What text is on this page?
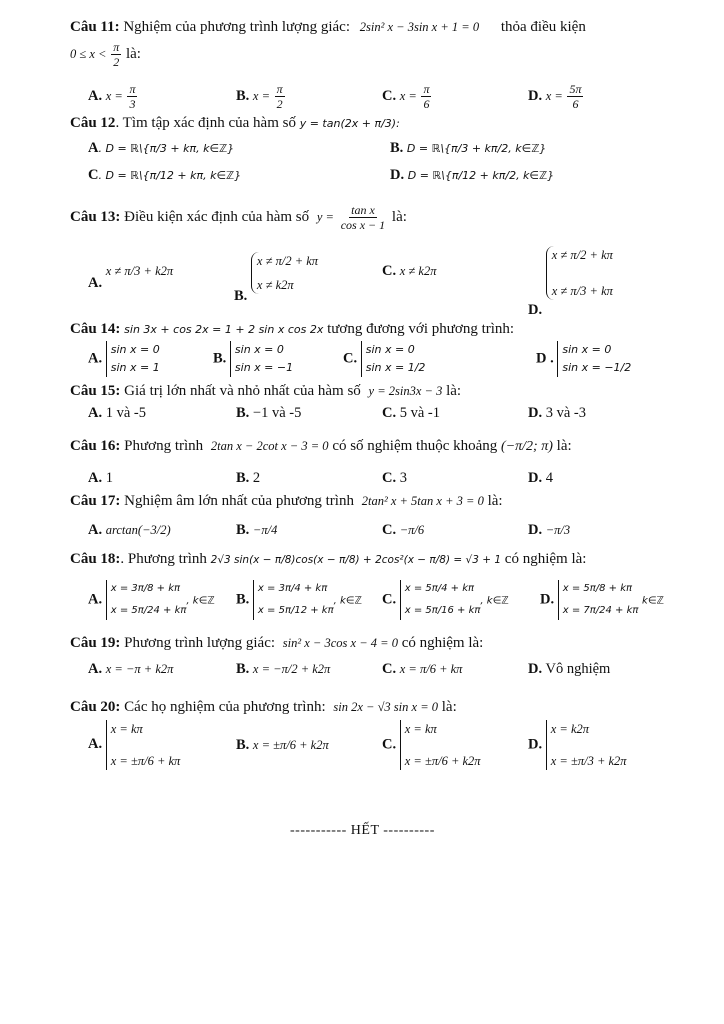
Câu 11: Nghiệm của phương trình lượng giác: 2sin² x − 3sin x + 1 = 0 thỏa điều kiện
$0 \le x < \frac{\pi}{2}$ là:
A. $x = \frac{\pi}{3}$	B. $x = \frac{\pi}{2}$	C. $x = \frac{\pi}{6}$	D. $x = \frac{5\pi}{6}$
Câu 12. Tìm tập xác định của hàm số y = tan(2x + π/3):
A. D = ℝ\{π/3 + kπ, k∈ℤ}	B. D = ℝ\{π/3 + kπ/2, k∈ℤ}
C. D = ℝ\{π/12 + kπ, k∈ℤ}	D. D = ℝ\{π/12 + kπ/2, k∈ℤ}
Câu 13: Điều kiện xác định của hàm số $y = \frac{\text{tan x}}{\text{cos x − 1}}$ là:
A. x ≠ π/3 + k2π
B.
x ≠ π/2 + kπ
x ≠ k2π
C. x ≠ k2π
D.
x ≠ π/2 + kπ
x ≠ π/3 + kπ
Câu 14: sin 3x + cos 2x = 1 + 2 sin x cos 2x tương đương với phương trình:
A.
sin x = 0
sin x = 1
B.
sin x = 0
sin x = −1
C.
sin x = 0
sin x = 1/2
D .
sin x = 0
sin x = −1/2
Câu 15: Giá trị lớn nhất và nhỏ nhất của hàm số y = 2sin3x − 3 là:
A. 1 và -5	B. −1 và -5	C. 5 và -1	D. 3 và -3
Câu 16: Phương trình 2tan x − 2cot x − 3 = 0 có số nghiệm thuộc khoảng (−π/2; π) là:
A. 1	B. 2	C. 3	D. 4
Câu 17: Nghiệm âm lớn nhất của phương trình 2tan² x + 5tan x + 3 = 0 là:
A. arctan(−3/2)	B. −π/4	C. −π/6	D. −π/3
Câu 18:. Phương trình 2√3 sin(x − π/8)cos(x − π/8) + 2cos²(x − π/8) = √3 + 1 có nghiệm là:
A.
x = 3π/8 + kπ
x = 5π/24 + kπ
, k∈ℤ B.
x = 3π/4 + kπ
x = 5π/12 + kπ
, k∈ℤ C.
x = 5π/4 + kπ
x = 5π/16 + kπ
, k∈ℤ D.
x = 5π/8 + kπ
x = 7π/24 + kπ
k∈ℤ
Câu 19: Phương trình lượng giác: sin² x − 3cos x − 4 = 0 có nghiệm là:
A. x = −π + k2π	B. x = −π/2 + k2π	C. x = π/6 + kπ	D. Vô nghiệm
Câu 20: Các họ nghiệm của phương trình: sin 2x − √3 sin x = 0 là:
A.
x = kπ
x = ±π/6 + kπ
B. x = ±π/6 + k2π	C.
x = kπ
x = ±π/6 + k2π
D.
x = k2π
x = ±π/3 + k2π
----------- HẾT ----------
